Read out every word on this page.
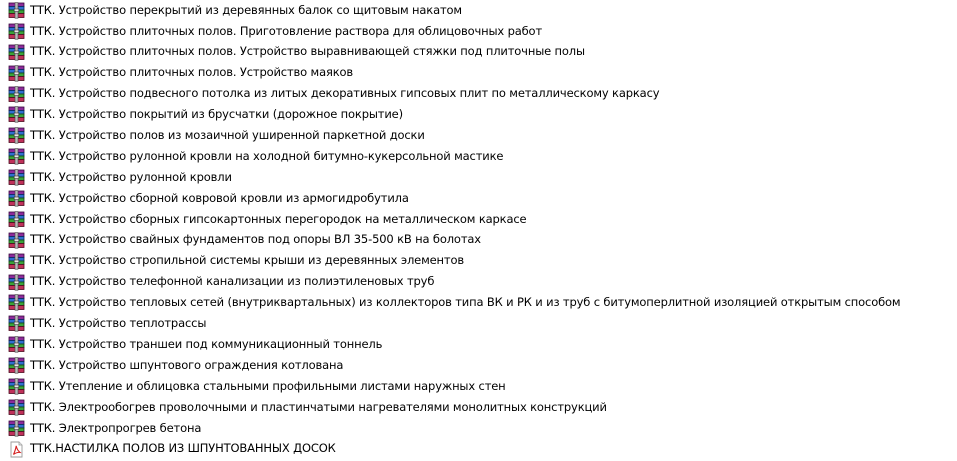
ТТК. Устройство перекрытий из деревянных балок со щитовым накатом
ТТК. Устройство плиточных полов. Приготовление раствора для облицовочных работ
ТТК. Устройство плиточных полов. Устройство выравнивающей стяжки под плиточные полы
ТТК. Устройство плиточных полов. Устройство маяков
ТТК. Устройство подвесного потолка из литых декоративных гипсовых плит по металлическому каркасу
ТТК. Устройство покрытий из брусчатки (дорожное покрытие)
ТТК. Устройство полов из мозаичной уширенной паркетной доски
ТТК. Устройство рулонной кровли на холодной битумно-кукерсольной мастике
ТТК. Устройство рулонной кровли
ТТК. Устройство сборной ковровой кровли из армогидробутила
ТТК. Устройство сборных гипсокартонных перегородок на металлическом каркасе
ТТК. Устройство свайных фундаментов под опоры ВЛ 35-500 кВ на болотах
ТТК. Устройство стропильной системы крыши из деревянных элементов
ТТК. Устройство телефонной канализации из полиэтиленовых труб
ТТК. Устройство тепловых сетей (внутриквартальных) из коллекторов типа ВК и РК и из труб с битумоперлитной изоляцией открытым способом
ТТК. Устройство теплотрассы
ТТК. Устройство траншеи под коммуникационный тоннель
ТТК. Устройство шпунтового ограждения котлована
ТТК. Утепление и облицовка стальными профильными листами наружных стен
ТТК. Электрообогрев проволочными и пластинчатыми нагревателями монолитных конструкций
ТТК. Электропрогрев бетона
ТТК.НАСТИЛКА ПОЛОВ ИЗ ШПУНТОВАННЫХ ДОСОК
